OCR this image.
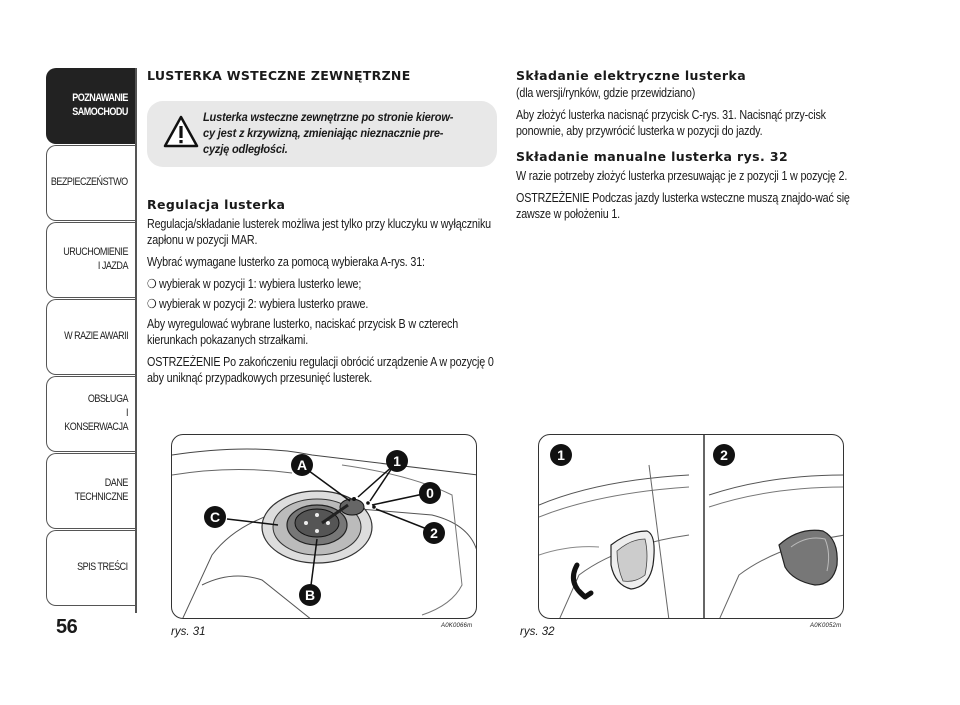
POZNAWANIE
SAMOCHODU
BEZPIECZEŃSTWO
URUCHOMIENIE
I JAZDA
W RAZIE AWARII
OBSŁUGA
I KONSERWACJA
DANE
TECHNICZNE
SPIS TREŚCI
56
LUSTERKA WSTECZNE ZEWNĘTRZNE

Lusterka wsteczne zewnętrzne po stronie kierow-
cy jest z krzywizną, zmieniając nieznacznie pre-
cyzję odległości.

Regulacja lusterka

Regulacja/składanie lusterek możliwa jest tylko przy kluczyku w wyłączniku zapłonu w pozycji MAR.

Wybrać wymagane lusterko za pomocą wybieraka A-rys. 31:

❍ wybierak w pozycji 1: wybiera lusterko lewe;
❍ wybierak w pozycji 2: wybiera lusterko prawe.

Aby wyregulować wybrane lusterko, naciskać przycisk B w czterech kierunkach pokazanych strzałkami.

OSTRZEŻENIE Po zakończeniu regulacji obrócić urządzenie A w pozycję 0 aby uniknąć przypadkowych przesunięć lusterek.

Składanie elektryczne lusterka

(dla wersji/rynków, gdzie przewidziano)

Aby złożyć lusterka nacisnąć przycisk C-rys. 31. Nacisnąć przy-cisk ponownie, aby przywrócić lusterka w pozycji do jazdy.

Składanie manualne lusterka rys. 32

W razie potrzeby złożyć lusterka przesuwając je z pozycji 1 w pozycję 2.

OSTRZEŻENIE Podczas jazdy lusterka wsteczne muszą znajdo-wać się zawsze w położeniu 1.

A	1
0
2
C
B
rys. 31	A0K0066m
1	2
rys. 32	A0K0052m
